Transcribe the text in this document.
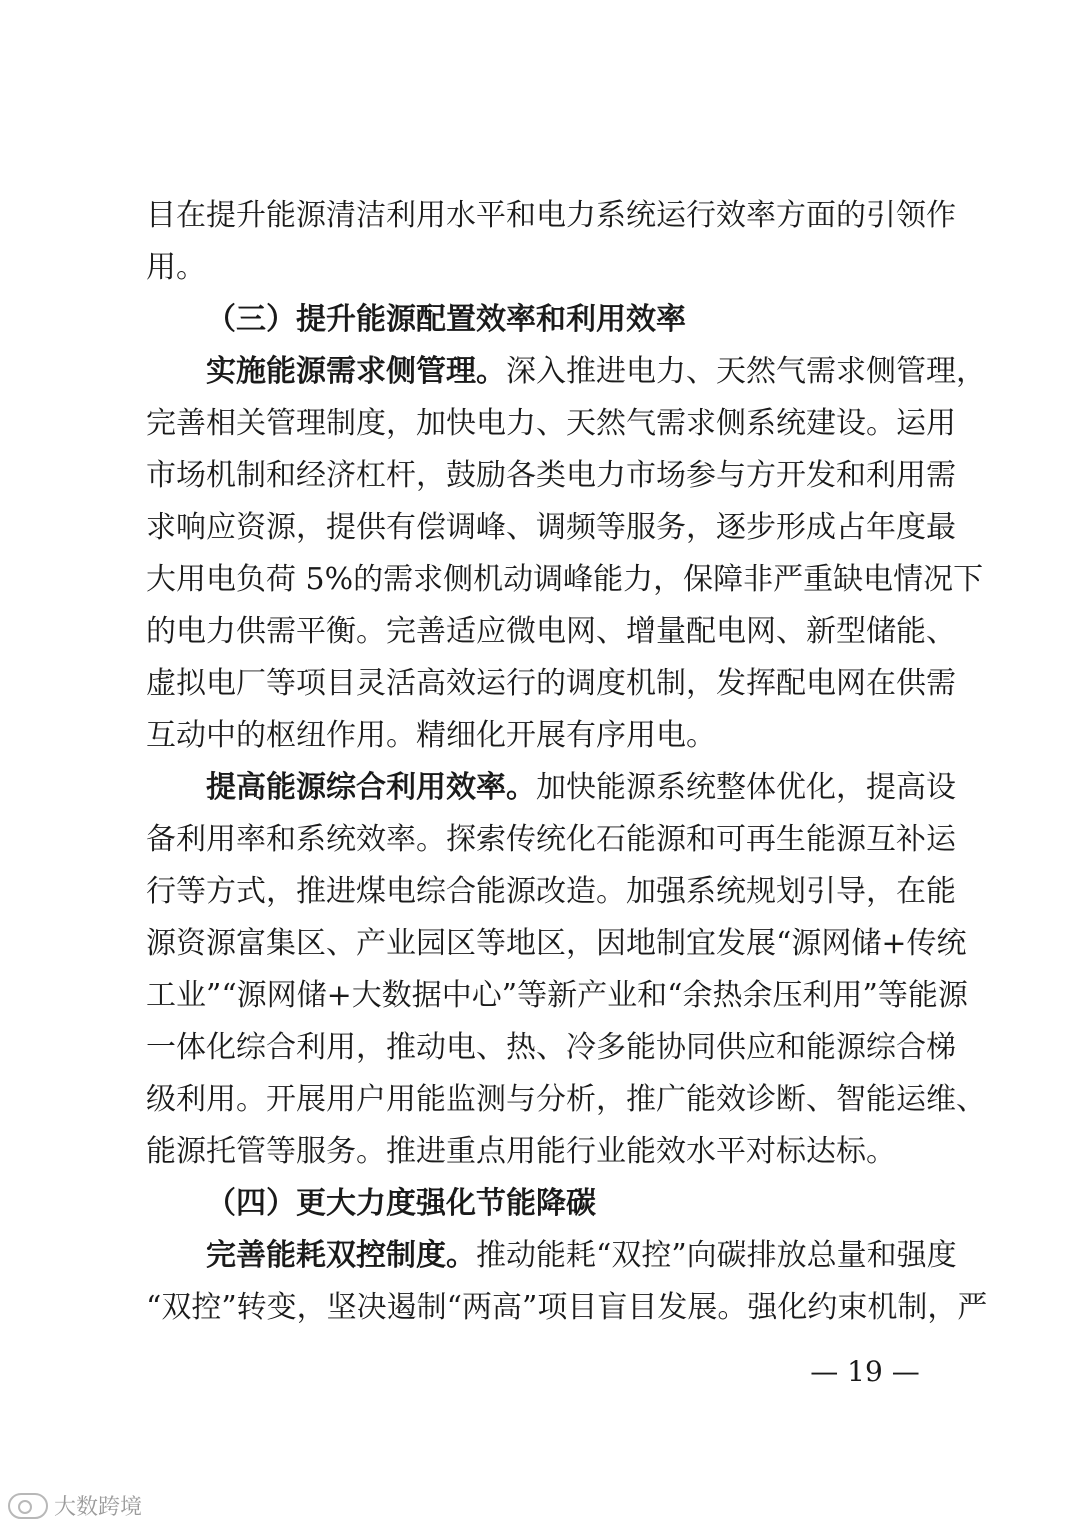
目在提升能源清洁利用水平和电力系统运行效率方面的引领作
用。
（三）提升能源配置效率和利用效率
实施能源需求侧管理。深入推进电力、天然气需求侧管理，
完善相关管理制度，加快电力、天然气需求侧系统建设。运用
市场机制和经济杠杆，鼓励各类电力市场参与方开发和利用需
求响应资源，提供有偿调峰、调频等服务，逐步形成占年度最
大用电负荷 5%的需求侧机动调峰能力，保障非严重缺电情况下
的电力供需平衡。完善适应微电网、增量配电网、新型储能、
虚拟电厂等项目灵活高效运行的调度机制，发挥配电网在供需
互动中的枢纽作用。精细化开展有序用电。
提高能源综合利用效率。加快能源系统整体优化，提高设
备利用率和系统效率。探索传统化石能源和可再生能源互补运
行等方式，推进煤电综合能源改造。加强系统规划引导，在能
源资源富集区、产业园区等地区，因地制宜发展“源网储+传统
工业”“源网储+大数据中心”等新产业和“余热余压利用”等能源
一体化综合利用，推动电、热、冷多能协同供应和能源综合梯
级利用。开展用户用能监测与分析，推广能效诊断、智能运维、
能源托管等服务。推进重点用能行业能效水平对标达标。
（四）更大力度强化节能降碳
完善能耗双控制度。推动能耗“双控”向碳排放总量和强度
“双控”转变，坚决遏制“两高”项目盲目发展。强化约束机制，严
— 19 —
大数跨境
